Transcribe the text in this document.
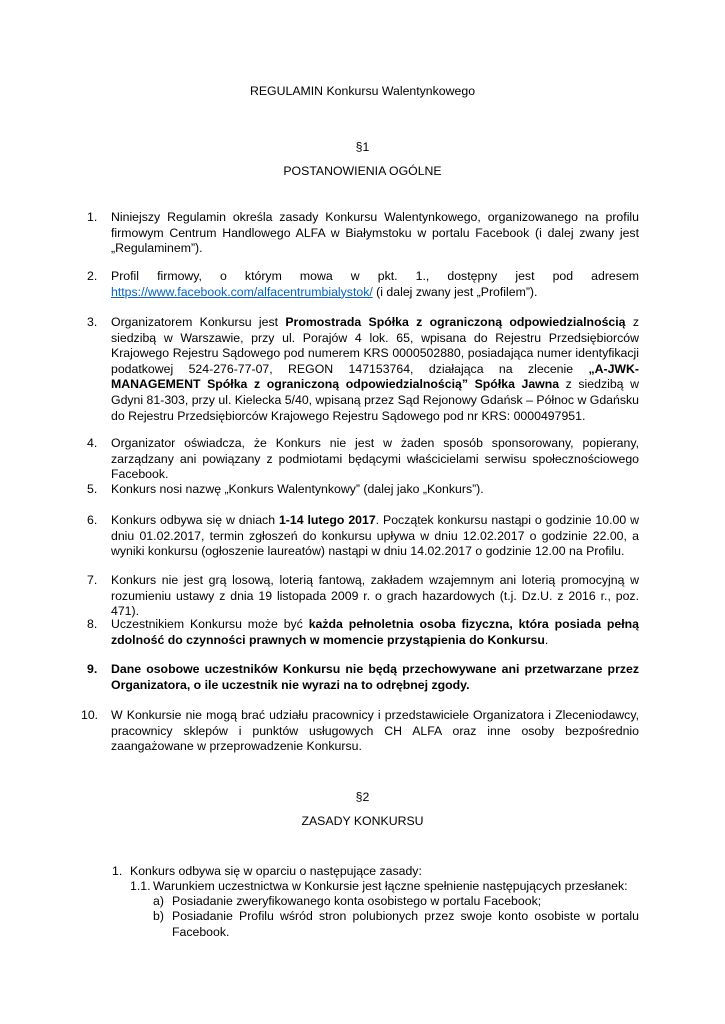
REGULAMIN Konkursu Walentynkowego
§1
POSTANOWIENIA OGÓLNE
1. Niniejszy Regulamin określa zasady Konkursu Walentynkowego, organizowanego na profilu firmowym Centrum Handlowego ALFA w Białymstoku w portalu Facebook (i dalej zwany jest „Regulaminem”).
2. Profil firmowy, o którym mowa w pkt. 1., dostępny jest pod adresem https://www.facebook.com/alfacentrumbialystok/ (i dalej zwany jest „Profilem”).
3. Organizatorem Konkursu jest Promostrada Spółka z ograniczoną odpowiedzialnością z siedzibą w Warszawie, przy ul. Porajów 4 lok. 65, wpisana do Rejestru Przedsiębiorców Krajowego Rejestru Sądowego pod numerem KRS 0000502880, posiadająca numer identyfikacji podatkowej 524-276-77-07, REGON 147153764, działająca na zlecenie „A-JWK-MANAGEMENT Spółka z ograniczoną odpowiedzialnością” Spółka Jawna z siedzibą w Gdyni 81-303, przy ul. Kielecka 5/40, wpisaną przez Sąd Rejonowy Gdańsk – Północ w Gdańsku do Rejestru Przedsiębiorców Krajowego Rejestru Sądowego pod nr KRS: 0000497951.
4. Organizator oświadcza, że Konkurs nie jest w żaden sposób sponsorowany, popierany, zarządzany ani powiązany z podmiotami będącymi właścicielami serwisu społecznościowego Facebook.
5. Konkurs nosi nazwę „Konkurs Walentynkowy” (dalej jako „Konkurs”).
6. Konkurs odbywa się w dniach 1-14 lutego 2017. Początek konkursu nastąpi o godzinie 10.00 w dniu 01.02.2017, termin zgłoszeń do konkursu upływa w dniu 12.02.2017 o godzinie 22.00, a wyniki konkursu (ogłoszenie laureatów) nastąpi w dniu 14.02.2017 o godzinie 12.00 na Profilu.
7. Konkurs nie jest grą losową, loterią fantową, zakładem wzajemnym ani loterią promocyjną w rozumieniu ustawy z dnia 19 listopada 2009 r. o grach hazardowych (t.j. Dz.U. z 2016 r., poz. 471).
8. Uczestnikiem Konkursu może być każda pełnoletnia osoba fizyczna, która posiada pełną zdolność do czynności prawnych w momencie przystąpienia do Konkursu.
9. Dane osobowe uczestników Konkursu nie będą przechowywane ani przetwarzane przez Organizatora, o ile uczestnik nie wyrazi na to odrębnej zgody.
10. W Konkursie nie mogą brać udziału pracownicy i przedstawiciele Organizatora i Zleceniodawcy, pracownicy sklepów i punktów usługowych CH ALFA oraz inne osoby bezpośrednio zaangażowane w przeprowadzenie Konkursu.
§2
ZASADY KONKURSU
1. Konkurs odbywa się w oparciu o następujące zasady:
1.1. Warunkiem uczestnictwa w Konkursie jest łączne spełnienie następujących przesłanek:
a) Posiadanie zweryfikowanego konta osobistego w portalu Facebook;
b) Posiadanie Profilu wśród stron polubionych przez swoje konto osobiste w portalu Facebook.
